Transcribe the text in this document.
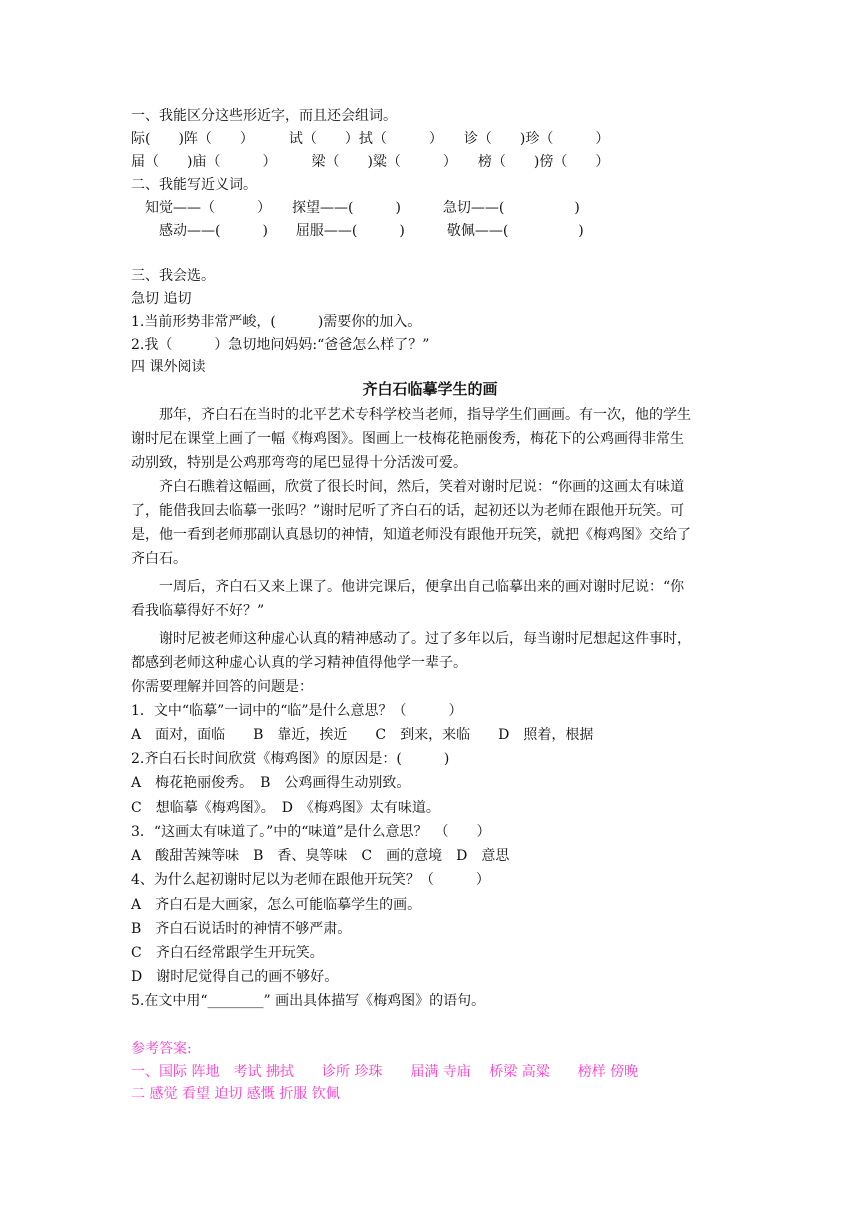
一、我能区分这些形近字，而且还会组词。
际(　　)阵（　　）　　　试（　　）拭（　　　）　　诊（　　)珍（　　　）
届（　　)庙（　　　）　　　梁（　　)粱（　　　）　　榜（　　)傍（　　）
二、我能写近义词。
　知觉——（　　　）　　探望——(　　　)　　　急切——(　　　　　)
　　感动——(　　　)　　屈服——(　　　)　　　敬佩——(　　　　　)
三、我会选。
急切 追切
1.当前形势非常严峻，(　　　)需要你的加入。
2.我（　　　）急切地问妈妈:“爸爸怎么样了？”
四 课外阅读
齐白石临摹学生的画
　　那年，齐白石在当时的北平艺术专科学校当老师，指导学生们画画。有一次，他的学生
谢时尼在课堂上画了一幅《梅鸡图》。图画上一枝梅花艳丽俊秀，梅花下的公鸡画得非常生
动别致，特别是公鸡那弯弯的尾巴显得十分活泼可爱。
　　齐白石瞧着这幅画，欣赏了很长时间，然后，笑着对谢时尼说：“你画的这画太有味道
了，能借我回去临摹一张吗？”谢时尼听了齐白石的话，起初还以为老师在跟他开玩笑。可
是，他一看到老师那副认真恳切的神情，知道老师没有跟他开玩笑，就把《梅鸡图》交给了
齐白石。
　　一周后，齐白石又来上课了。他讲完课后，便拿出自己临摹出来的画对谢时尼说：“你
看我临摹得好不好？”
　　谢时尼被老师这种虚心认真的精神感动了。过了多年以后，每当谢时尼想起这件事时，
都感到老师这种虚心认真的学习精神值得他学一辈子。
你需要理解并回答的问题是：
1．文中“临摹”一词中的“临”是什么意思？（　　　）
A　面对，面临　　B　靠近，挨近　　C　到来，来临　　D　照着，根据
2.齐白石长时间欣赏《梅鸡图》的原因是：(　　　)
A　梅花艳丽俊秀。　B　公鸡画得生动别致。
C　想临摹《梅鸡图》。　D　《梅鸡图》太有味道。
3．“这画太有味道了。”中的“味道”是什么意思？　（　　）
A　酸甜苦辣等味　B　香、臭等味　C　画的意境　D　意思
4、为什么起初谢时尼以为老师在跟他开玩笑？（　　　）
A　齐白石是大画家，怎么可能临摹学生的画。
B　齐白石说话时的神情不够严肃。
C　齐白石经常跟学生开玩笑。
D　谢时尼觉得自己的画不够好。
5.在文中用“________” 画出具体描写《梅鸡图》的语句。
参考答案:
一、国际 阵地　考试 拂拭　　诊所 珍珠　　届满 寺庙　 桥梁 高粱　　榜样 傍晚
二 感觉 看望 迫切 感慨 折服 钦佩
